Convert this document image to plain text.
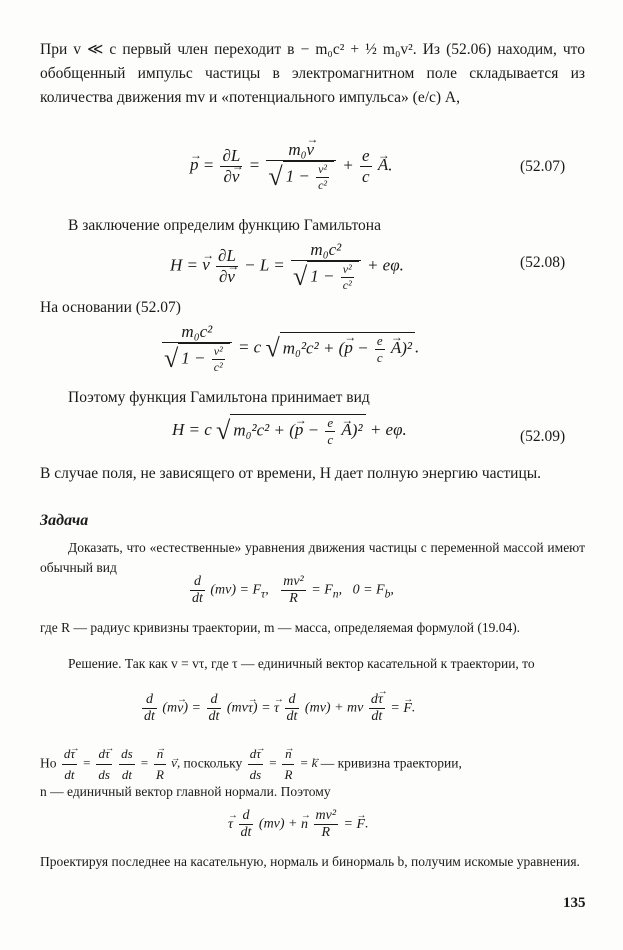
При v ≪ c первый член переходит в − m₀c² + ½ m₀v². Из (52.06) находим, что обобщенный импульс частицы в электромагнитном поле складывается из количества движения mv и «потенциального импульса» (e/c) A,
→ $p = \frac{\partial L}{\partial\to v} = \frac{\text{m₀→ v}}{√ 1 - \frac{\text{v²}}{\text{c²}}} + \frac{e}{c}$
→ A.	(52.07)
В заключение определим функцию Гамильтона
H = → v $\frac{\partial L}{\partial\to v} - L = \frac{\text{m₀c²}}{√ 1 - \frac{\text{v²}}{\text{c²}}} + e\varphi$.	(52.08)
На основании (52.07)
$\frac{\text{m₀c²}}{√ 1 - \frac{\text{v²}}{\text{c²}}} = c$ √ m₀²c² + (→ $p - \frac{e}{c}$
→ A)² .
Поэтому функция Гамильтона принимает вид
H = c √ m₀²c² + (→ $p - \frac{e}{c}$
→ A)² + eφ.	(52.09)
В случае поля, не зависящего от времени, H дает полную энергию частицы.
Задача
Доказать, что «естественные» уравнения движения частицы с переменной массой имеют обычный вид
$\frac{d}{dt} (mv) = F_\tau$, $\frac{\text{mv²}}{R} = F_n$,   $0 = F_b$,
где R — радиус кривизны траектории, m — масса, определяемая формулой (19.04).
Решение. Так как v = vτ, где τ — единичный вектор касательной к траектории, то
$\frac{d}{dt} (m\to v) = \frac{d}{dt} (mv\to \tau)$ = → τ $\frac{d}{dt} (mv)$ + mv $\frac{d\to \tau}{dt}$ = → F.
Но $\frac{d\to \tau}{dt} = \frac{d\to \tau}{ds}$
$\frac{ds}{dt}$ =
→ $\frac{n}{R}$
→ v, поскольку $\frac{d\to \tau}{ds}$ =
→ $\frac{n}{R}$ = → k — кривизна траектории,
n — единичный вектор главной нормали. Поэтому
→ τ $\frac{d}{dt} (mv)$ + → n $\frac{\text{mv²}}{R}$ = → F.
Проектируя последнее на касательную, нормаль и бинормаль b, получим искомые уравнения.
135
